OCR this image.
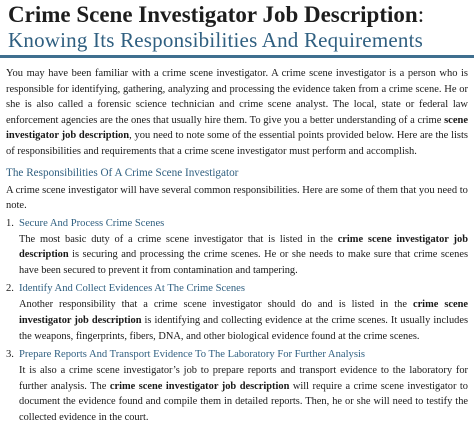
Crime Scene Investigator Job Description:
Knowing Its Responsibilities And Requirements

You may have been familiar with a crime scene investigator. A crime scene investigator is a person who is responsible for identifying, gathering, analyzing and processing the evidence taken from a crime scene. He or she is also called a forensic science technician and crime scene analyst. The local, state or federal law enforcement agencies are the ones that usually hire them. To give you a better understanding of a crime scene investigator job description, you need to note some of the essential points provided below. Here are the lists of responsibilities and requirements that a crime scene investigator must perform and accomplish.

The Responsibilities Of A Crime Scene Investigator
A crime scene investigator will have several common responsibilities. Here are some of them that you need to note.
1. Secure And Process Crime Scenes
The most basic duty of a crime scene investigator that is listed in the crime scene investigator job description is securing and processing the crime scenes. He or she needs to make sure that crime scenes have been secured to prevent it from contamination and tampering.
2. Identify And Collect Evidences At The Crime Scenes
Another responsibility that a crime scene investigator should do and is listed in the crime scene investigator job description is identifying and collecting evidence at the crime scenes. It usually includes the weapons, fingerprints, fibers, DNA, and other biological evidence found at the crime scenes.
3. Prepare Reports And Transport Evidence To The Laboratory For Further Analysis
It is also a crime scene investigator’s job to prepare reports and transport evidence to the laboratory for further analysis. The crime scene investigator job description will require a crime scene investigator to document the evidence found and compile them in detailed reports. Then, he or she will need to testify the collected evidence in the court.
